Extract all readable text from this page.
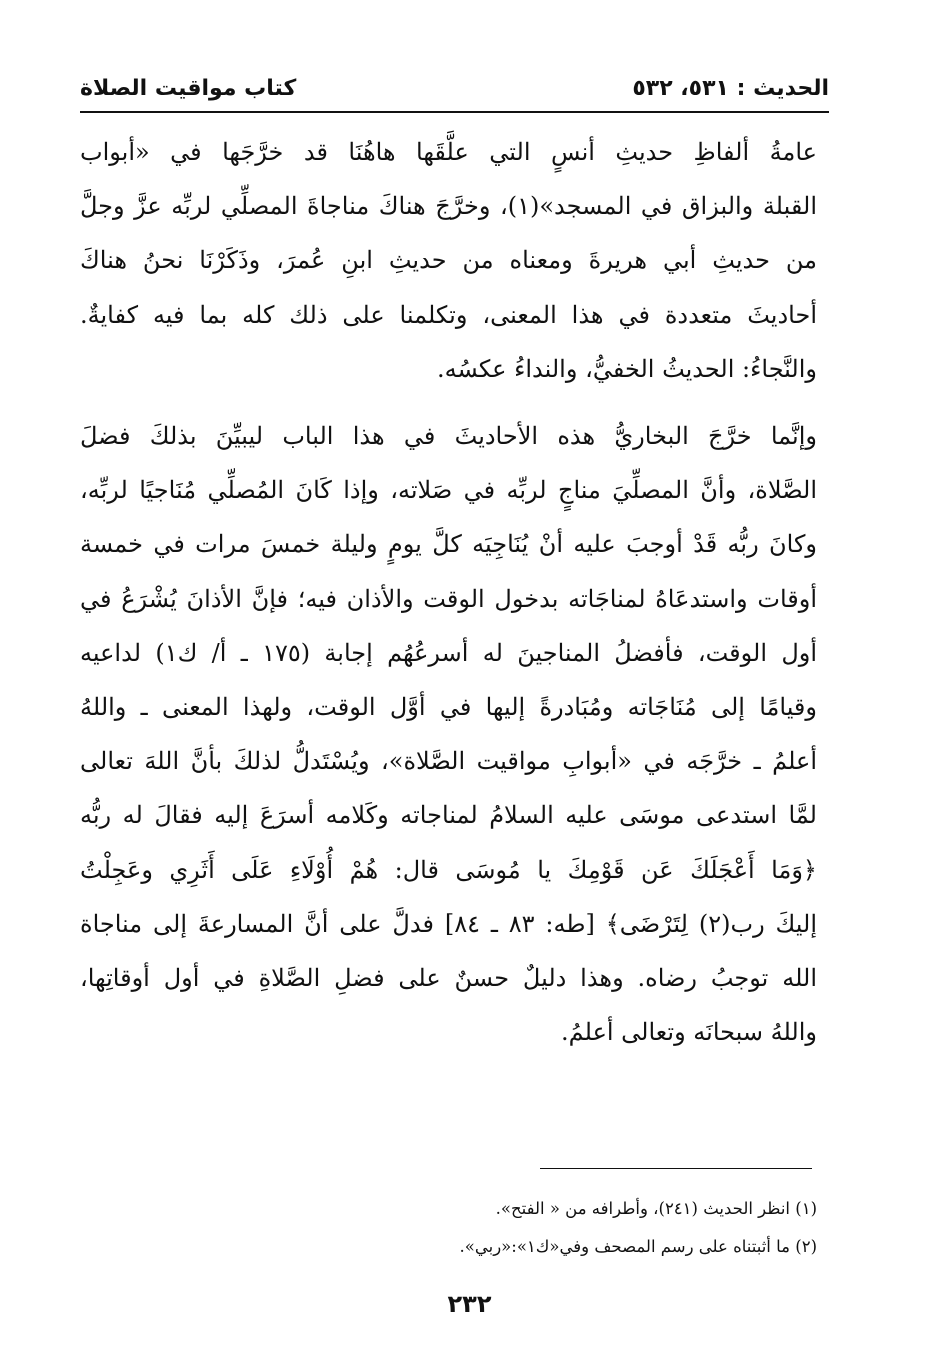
الحديث : ٥٣١، ٥٣٢
كتاب مواقيت الصلاة

عامةُ ألفاظِ حديثِ أنسٍ التي علَّقَها هاهُنَا قد خرَّجَها في «أبواب
القبلة والبزاق في المسجد»(١)، وخرَّجَ هناكَ مناجاةَ المصلِّي لربِّه عزَّ وجلَّ
من حديثِ أبي هريرةَ ومعناه من حديثِ ابنِ عُمرَ، وذَكَرْنَا نحنُ هناكَ
أحاديثَ متعددة في هذا المعنى، وتكلمنا على ذلك كله بما فيه كفايةٌ.
والنَّجاءُ: الحديثُ الخفيُّ، والنداءُ عكسُه.

وإنَّما خرَّجَ البخاريُّ هذه الأحاديثَ في هذا الباب ليبيِّنَ بذلكَ فضلَ
الصَّلاة، وأنَّ المصلِّيَ مناجٍ لربِّه في صَلاته، وإذا كَانَ المُصلِّي مُنَاجيًا لربِّه،
وكانَ ربُّه قَدْ أوجبَ عليه أنْ يُنَاجِيَه كلَّ يومٍ وليلة خمسَ مرات في خمسة
أوقات واستدعَاهُ لمناجَاته بدخول الوقت والأذان فيه؛ فإنَّ الأذانَ يُشْرَعُ في
أول الوقت، فأفضلُ المناجينَ له أسرعُهُم إجابة (١٧٥ ـ أ/ ك١) لداعيه
وقيامًا إلى مُنَاجَاته ومُبَادرةً إليها في أوَّل الوقت، ولهذا المعنى ـ واللهُ
أعلمُ ـ خرَّجَه في «أبوابِ مواقيت الصَّلاة»، ويُسْتَدلُّ لذلكَ بأنَّ اللهَ تعالى
لمَّا استدعى موسَى عليه السلامُ لمناجاته وكَلامه أسرَعَ إليه فقالَ له ربُّه
﴿وَمَا أَعْجَلَكَ عَن قَوْمِكَ يا مُوسَى قال: هُمْ أُوْلَاءِ عَلَى أَثَرِي وعَجِلْتُ
إليكَ رب(٢) لِتَرْضَى﴾ [طه: ٨٣ ـ ٨٤] فدلَّ على أنَّ المسارعةَ إلى مناجاة
الله توجبُ رضاه. وهذا دليلٌ حسنٌ على فضلِ الصَّلاةِ في أول أوقاتِها،
واللهُ سبحانَه وتعالى أعلمُ.

(١) انظر الحديث (٢٤١)، وأطرافه من « الفتح».
(٢) ما أثبتناه على رسم المصحف وفي«ك١»:«ربي».
٢٣٢
